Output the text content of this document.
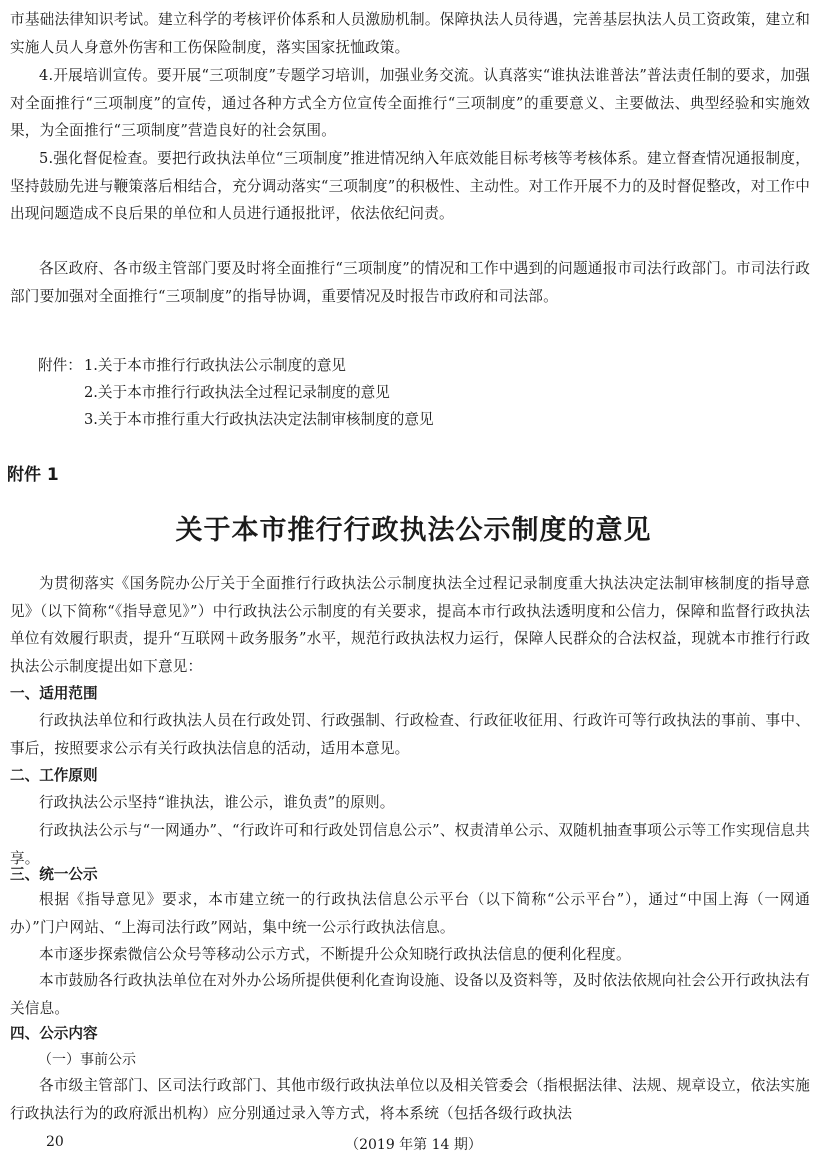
市基础法律知识考试。建立科学的考核评价体系和人员激励机制。保障执法人员待遇，完善基层执法人员工资政策，建立和实施人员人身意外伤害和工伤保险制度，落实国家抚恤政策。

4.开展培训宣传。要开展“三项制度”专题学习培训，加强业务交流。认真落实“谁执法谁普法”普法责任制的要求，加强对全面推行“三项制度”的宣传，通过各种方式全方位宣传全面推行“三项制度”的重要意义、主要做法、典型经验和实施效果，为全面推行“三项制度”营造良好的社会氛围。

5.强化督促检查。要把行政执法单位“三项制度”推进情况纳入年底效能目标考核等考核体系。建立督查情况通报制度，坚持鼓励先进与鞭策落后相结合，充分调动落实“三项制度”的积极性、主动性。对工作开展不力的及时督促整改，对工作中出现问题造成不良后果的单位和人员进行通报批评，依法依纪问责。

各区政府、各市级主管部门要及时将全面推行“三项制度”的情况和工作中遇到的问题通报市司法行政部门。市司法行政部门要加强对全面推行“三项制度”的指导协调，重要情况及时报告市政府和司法部。

附件： 1.关于本市推行行政执法公示制度的意见

2.关于本市推行行政执法全过程记录制度的意见

3.关于本市推行重大行政执法决定法制审核制度的意见

附件 1

关于本市推行行政执法公示制度的意见

为贯彻落实《国务院办公厅关于全面推行行政执法公示制度执法全过程记录制度重大执法决定法制审核制度的指导意见》（以下简称“《指导意见》”）中行政执法公示制度的有关要求，提高本市行政执法透明度和公信力，保障和监督行政执法单位有效履行职责，提升“互联网＋政务服务”水平，规范行政执法权力运行，保障人民群众的合法权益，现就本市推行行政执法公示制度提出如下意见：

一、适用范围

行政执法单位和行政执法人员在行政处罚、行政强制、行政检查、行政征收征用、行政许可等行政执法的事前、事中、事后，按照要求公示有关行政执法信息的活动，适用本意见。

二、工作原则

行政执法公示坚持“谁执法，谁公示，谁负责”的原则。

行政执法公示与“一网通办”、“行政许可和行政处罚信息公示”、权责清单公示、双随机抽查事项公示等工作实现信息共享。

三、统一公示

根据《指导意见》要求，本市建立统一的行政执法信息公示平台（以下简称“公示平台”），通过“中国上海（一网通办）”门户网站、“上海司法行政”网站，集中统一公示行政执法信息。

本市逐步探索微信公众号等移动公示方式，不断提升公众知晓行政执法信息的便利化程度。

本市鼓励各行政执法单位在对外办公场所提供便利化查询设施、设备以及资料等，及时依法依规向社会公开行政执法有关信息。

四、公示内容

（一）事前公示

各市级主管部门、区司法行政部门、其他市级行政执法单位以及相关管委会（指根据法律、法规、规章设立，依法实施行政执法行为的政府派出机构）应分别通过录入等方式，将本系统（包括各级行政执法

20	（2019 年第 14 期）
